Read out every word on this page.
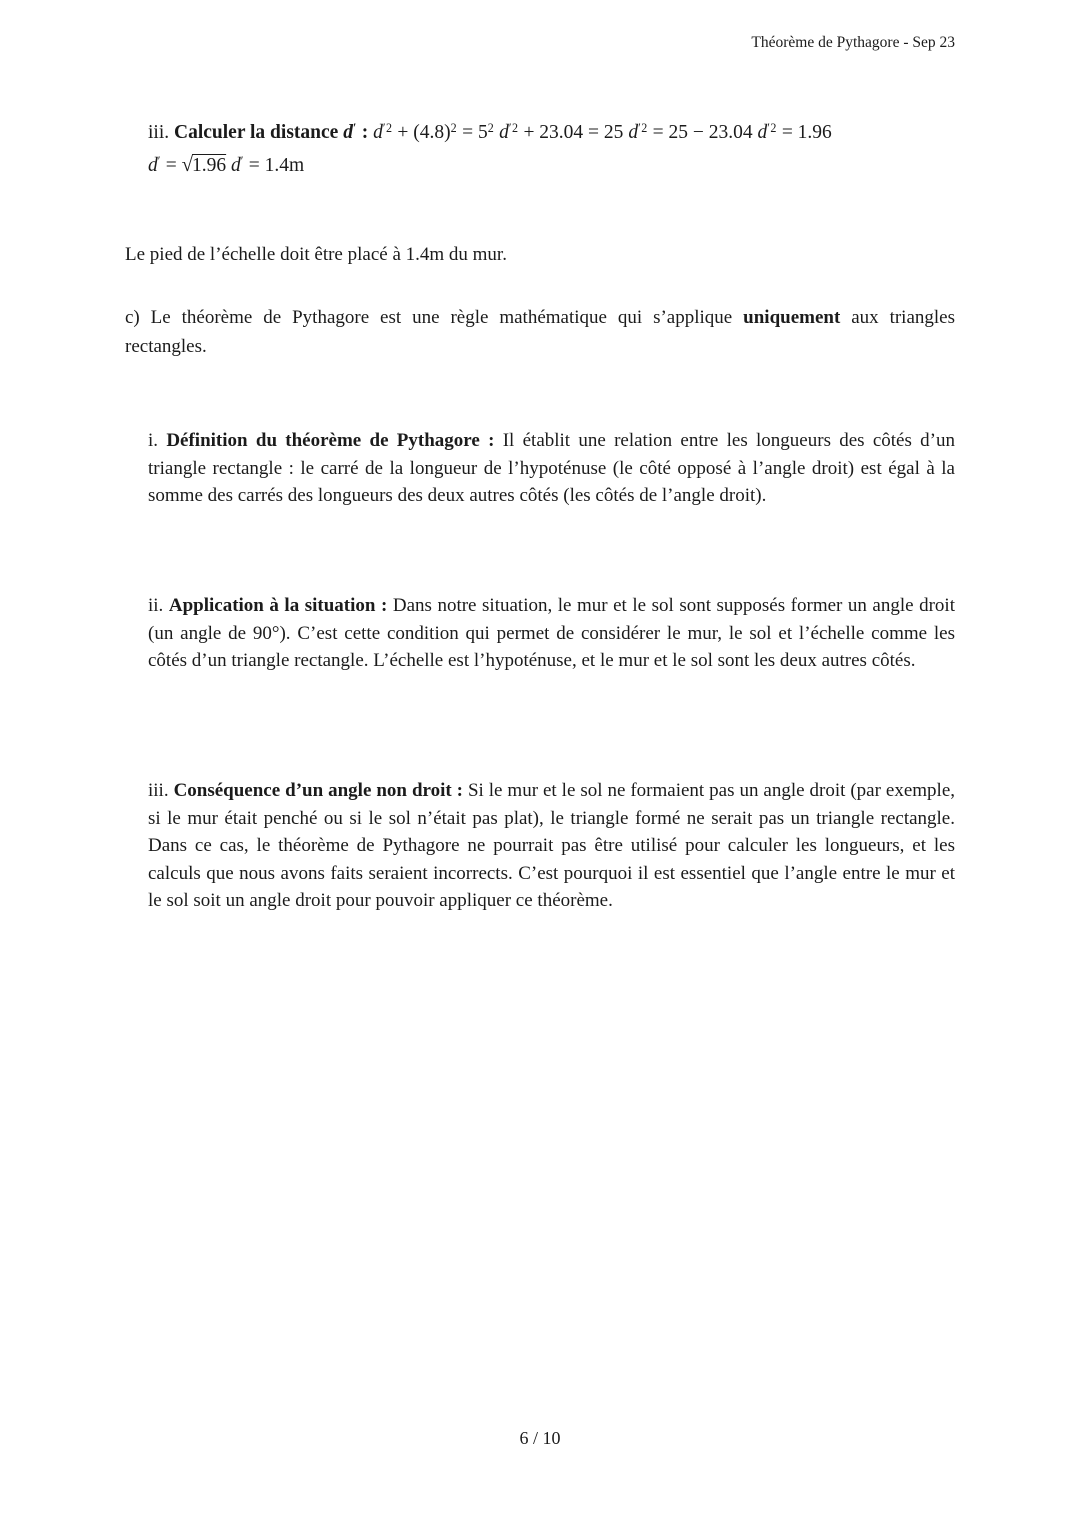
Théorème de Pythagore - Sep 23
iii. Calculer la distance d′ : $d^{'2} + (4.8)^2 = 5^2$ $d^{'2} + 23.04 = 25$ $d^{'2} = 25 - 23.04$ $d^{'2} = 1.96$
d′ = √1.96 d′ = 1.4m

Le pied de l’échelle doit être placé à 1.4m du mur.

c) Le théorème de Pythagore est une règle mathématique qui s’applique uniquement aux triangles rectangles.

i. Définition du théorème de Pythagore : Il établit une relation entre les longueurs des côtés d’un triangle rectangle : le carré de la longueur de l’hypoténuse (le côté opposé à l’angle droit) est égal à la somme des carrés des longueurs des deux autres côtés (les côtés de l’angle droit).

ii. Application à la situation : Dans notre situation, le mur et le sol sont supposés former un angle droit (un angle de 90°). C’est cette condition qui permet de considérer le mur, le sol et l’échelle comme les côtés d’un triangle rectangle. L’échelle est l’hypoténuse, et le mur et le sol sont les deux autres côtés.

iii. Conséquence d’un angle non droit : Si le mur et le sol ne formaient pas un angle droit (par exemple, si le mur était penché ou si le sol n’était pas plat), le triangle formé ne serait pas un triangle rectangle. Dans ce cas, le théorème de Pythagore ne pourrait pas être utilisé pour calculer les longueurs, et les calculs que nous avons faits seraient incorrects. C’est pourquoi il est essentiel que l’angle entre le mur et le sol soit un angle droit pour pouvoir appliquer ce théorème.

6 / 10
